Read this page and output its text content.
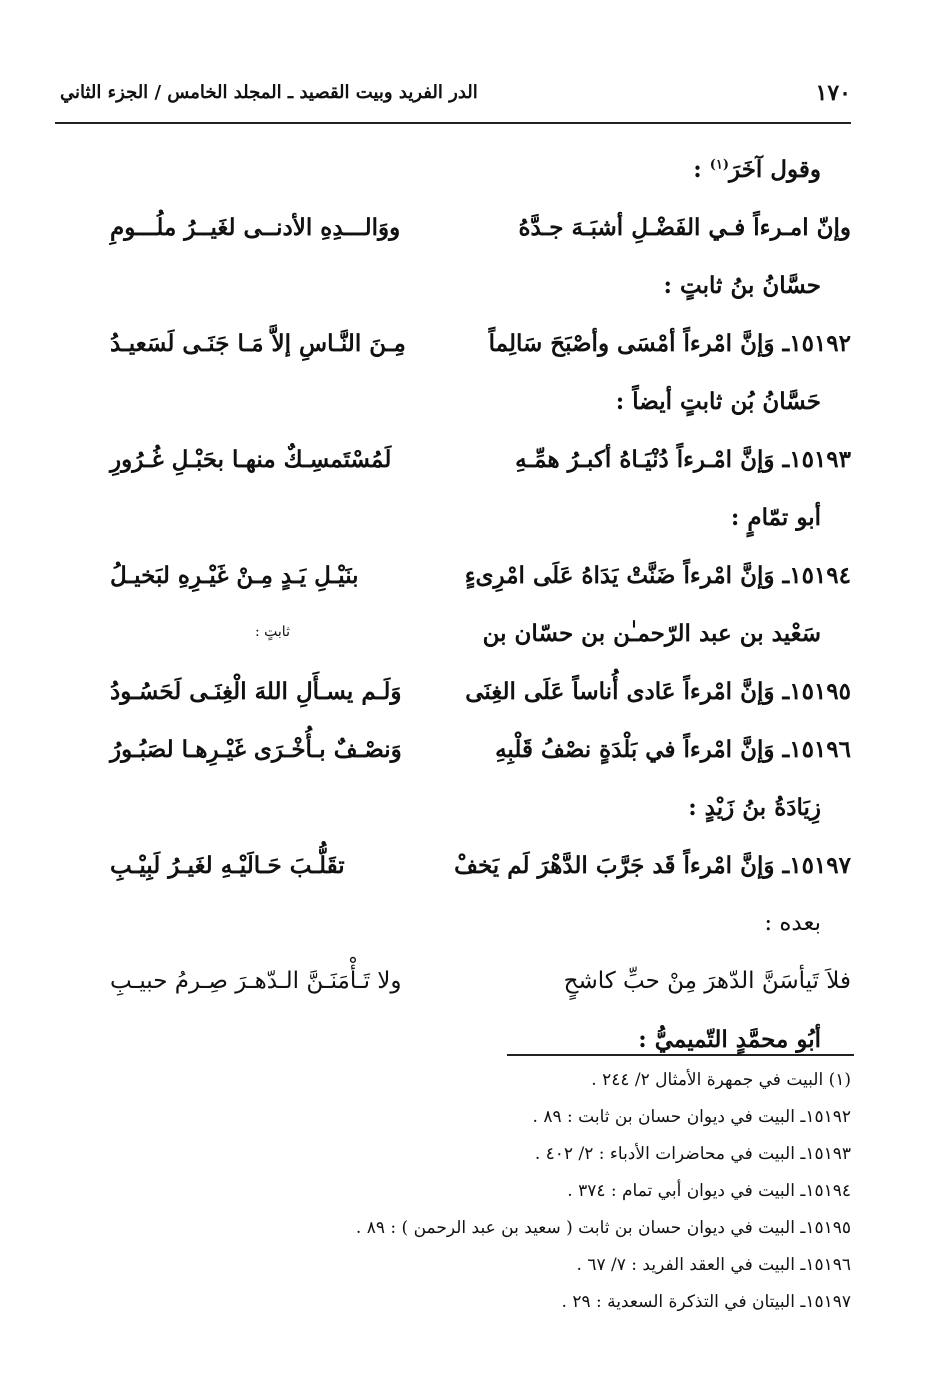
الدر الفريد وبيت القصيد ـ المجلد الخامس / الجزء الثاني	١٧٠
وقول آخَرَ$^{(١)}$ :
وإنّ امـرءاً فـي الفَضْـلِ أشبَـهَ جـدَّهُ
ووَالـــدِهِ الأدنــى لغَيــرُ ملُـــومِ
حسَّانُ بنُ ثابتٍ :
١٥١٩٢ـ وَإنَّ امْرءاً أمْسَى وأصْبَحَ سَالِماً
مِـنَ النَّـاسِ إلاَّ مَـا جَنَـى لَسَعيـدُ
حَسَّانُ بُن ثابتٍ أيضاً :
١٥١٩٣ـ وَإنَّ امْـرءاً دُنْيَـاهُ أكبـرُ همِّـهِ
لَمُسْتَمسِـكٌ منهـا بحَبْـلِ غُـرُورِ
أبو تمّامٍ :
١٥١٩٤ـ وَإنَّ امْرءاً ضَنَّتْ يَدَاهُ عَلَى امْرِىءٍ
بنَيْـلِ يَـدٍ مِـنْ غَيْـرِهِ لبَخيـلُ
سَعْيد بن عبد الرّحمـٰن بن حسّان بن
ثابتٍ :
١٥١٩٥ـ وَإنَّ امْرءاً عَادى أُناساً عَلَى الغِنَى
وَلَـم يسـأَلِ اللهَ الْغِنَـى لَحَسُـودُ
١٥١٩٦ـ وَإنَّ امْرءاً في بَلْدَةٍ نصْفُ قَلْبِهِ
وَنصْـفٌ بـأُخْـرَى غَيْـرِهـا لصَبُـورُ
زِيَادَةُ بنُ زَيْدٍ :
١٥١٩٧ـ وَإنَّ امْرءاً قَد جَرَّبَ الدَّهْرَ لَم يَخفْ
تقَلُّـبَ حَـالَيْـهِ لغَيـرُ لَبِيْـبِ
بعده :
فلاَ تَيأسَنَّ الدّهرَ مِنْ حبِّ كاشحٍ
ولا تَـأْمَنَـنَّ الـدّهـرَ صِـرمُ حبيـبِ
أبُو محمَّدٍ التّميميُّ :
(١) البيت في جمهرة الأمثال ٢/ ٢٤٤ .
١٥١٩٢ـ البيت في ديوان حسان بن ثابت : ٨٩ .
١٥١٩٣ـ البيت في محاضرات الأدباء : ٢/ ٤٠٢ .
١٥١٩٤ـ البيت في ديوان أبي تمام : ٣٧٤ .
١٥١٩٥ـ البيت في ديوان حسان بن ثابت ( سعيد بن عبد الرحمن ) : ٨٩ .
١٥١٩٦ـ البيت في العقد الفريد : ٧/ ٦٧ .
١٥١٩٧ـ البيتان في التذكرة السعدية : ٢٩ .
